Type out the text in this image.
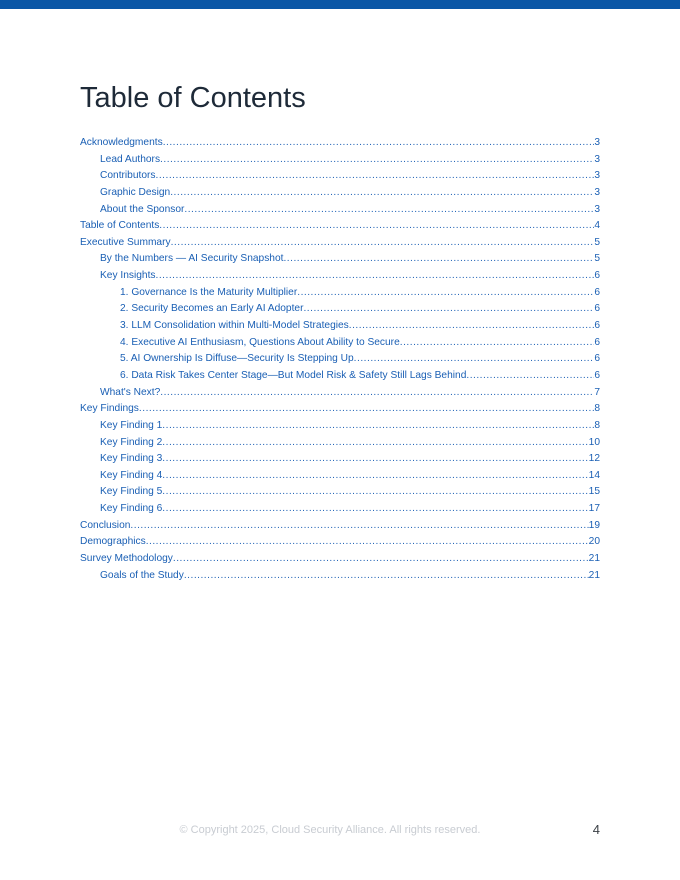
Table of Contents
Acknowledgments .....	3
Lead Authors .....	3
Contributors .....	3
Graphic Design .....	3
About the Sponsor .....	3
Table of Contents .....	4
Executive Summary .....	5
By the Numbers — AI Security Snapshot .....	5
Key Insights .....	6
1. Governance Is the Maturity Multiplier .....	6
2. Security Becomes an Early AI Adopter .....	6
3. LLM Consolidation within Multi-Model Strategies .....	6
4. Executive AI Enthusiasm, Questions About Ability to Secure .....	6
5. AI Ownership Is Diffuse—Security Is Stepping Up .....	6
6. Data Risk Takes Center Stage—But Model Risk & Safety Still Lags Behind .....	6
What's Next? .....	7
Key Findings .....	8
Key Finding 1 .....	8
Key Finding 2 .....	10
Key Finding 3 .....	12
Key Finding 4 .....	14
Key Finding 5 .....	15
Key Finding 6 .....	17
Conclusion .....	19
Demographics .....	20
Survey Methodology .....	21
Goals of the Study .....	21
© Copyright 2025, Cloud Security Alliance. All rights reserved.	4
